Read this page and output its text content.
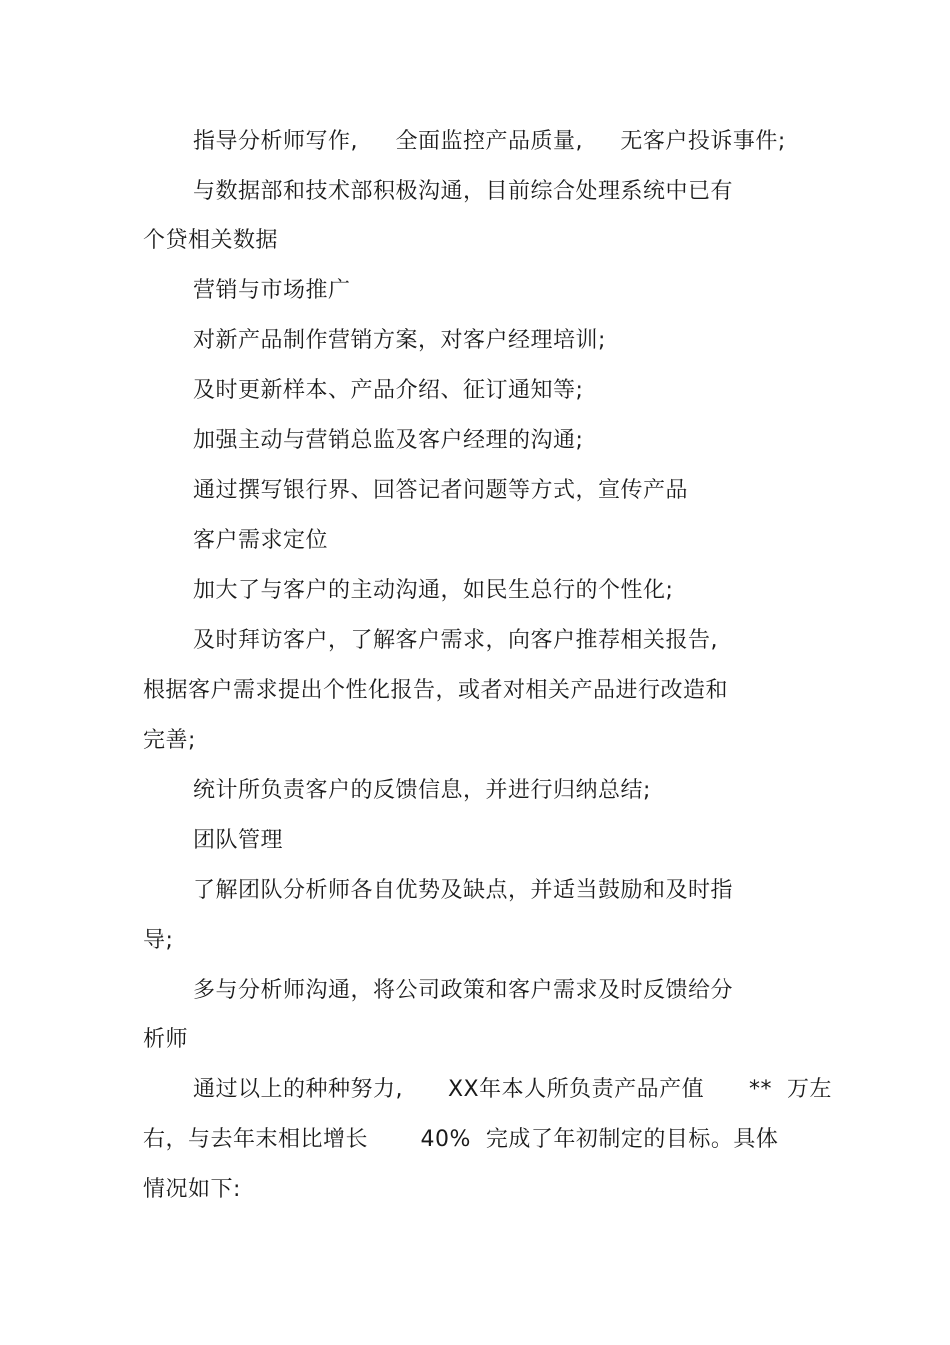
指导分析师写作,     全面监控产品质量,     无客户投诉事件;
与数据部和技术部积极沟通，目前综合处理系统中已有
个贷相关数据
营销与市场推广
对新产品制作营销方案，对客户经理培训;
及时更新样本、产品介绍、征订通知等;
加强主动与营销总监及客户经理的沟通;
通过撰写银行界、回答记者问题等方式，宣传产品
客户需求定位
加大了与客户的主动沟通，如民生总行的个性化;
及时拜访客户，了解客户需求，向客户推荐相关报告,
根据客户需求提出个性化报告，或者对相关产品进行改造和
完善;
统计所负责客户的反馈信息，并进行归纳总结;
团队管理
了解团队分析师各自优势及缺点，并适当鼓励和及时指
导;
多与分析师沟通，将公司政策和客户需求及时反馈给分
析师
通过以上的种种努力,      XX年本人所负责产品产值      **  万左
右，与去年末相比增长       40%  完成了年初制定的目标。具体
情况如下:
